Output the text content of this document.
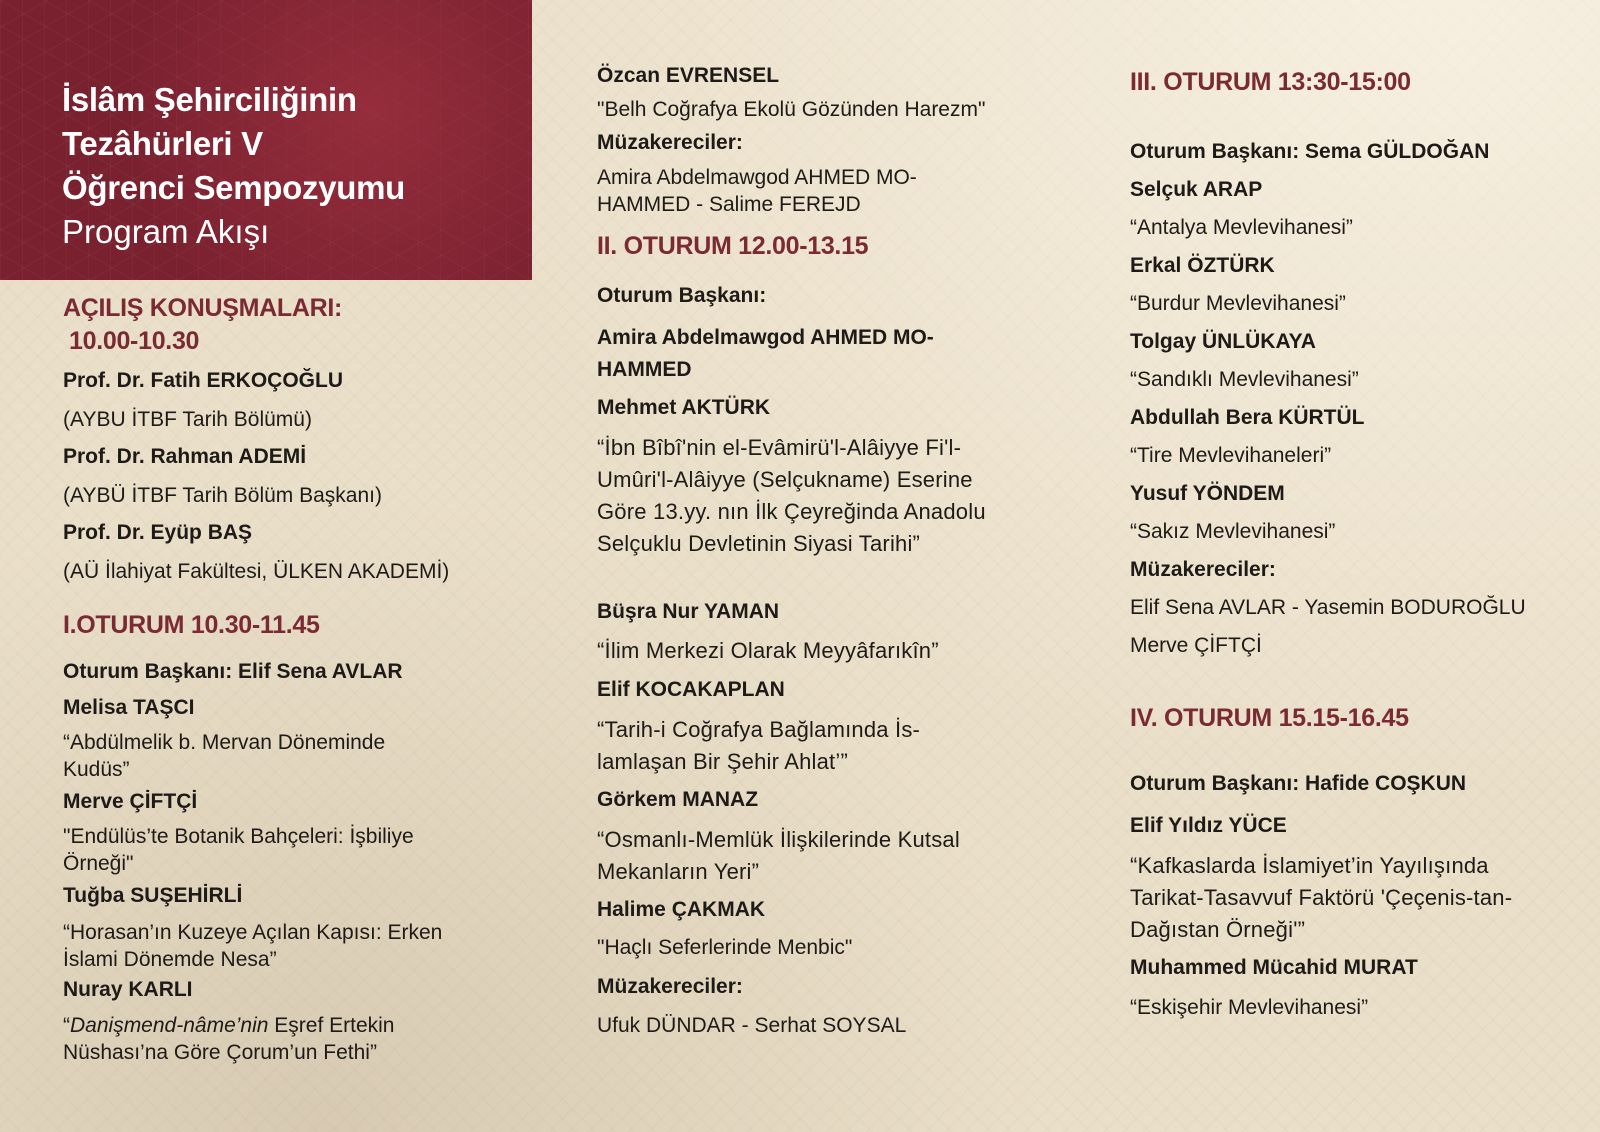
İslâm Şehirciliğinin
Tezâhürleri V
Öğrenci Sempozyumu
Program Akışı
AÇILIŞ KONUŞMALARI:
10.00-10.30
Prof. Dr. Fatih ERKOÇOĞLU
(AYBU İTBF Tarih Bölümü)
Prof. Dr. Rahman ADEMİ
(AYBÜ İTBF Tarih Bölüm Başkanı)
Prof. Dr. Eyüp BAŞ
(AÜ İlahiyat Fakültesi, ÜLKEN AKADEMİ)
I.OTURUM 10.30-11.45
Oturum Başkanı: Elif Sena AVLAR
Melisa TAŞCI
“Abdülmelik b. Mervan Döneminde Kudüs”
Merve ÇİFTÇİ
"Endülüs’te Botanik Bahçeleri: İşbiliye Örneği"
Tuğba SUŞEHİRLİ
“Horasan’ın Kuzeye Açılan Kapısı: Erken İslami Dönemde Nesa”
Nuray KARLI
“Danişmend-nâme’nin Eşref Ertekin Nüshası’na Göre Çorum’un Fethi”
Özcan EVRENSEL
"Belh Coğrafya Ekolü Gözünden Harezm"
Müzakereciler:
Amira Abdelmawgod AHMED MO-HAMMED - Salime FEREJD
II. OTURUM 12.00-13.15
Oturum Başkanı:
Amira Abdelmawgod AHMED MO-HAMMED
Mehmet AKTÜRK
“İbn Bîbî'nin el-Evâmirü'l-Alâiyye Fi'l-Umûri'l-Alâiyye (Selçukname) Eserine Göre 13.yy. nın İlk Çeyreğinda Anadolu Selçuklu Devletinin Siyasi Tarihi”
Büşra Nur YAMAN
“İlim Merkezi Olarak Meyyâfarıkîn”
Elif KOCAKAPLAN
“Tarih-i Coğrafya Bağlamında İs-lamlaşan Bir Şehir Ahlat’”
Görkem MANAZ
“Osmanlı-Memlük İlişkilerinde Kutsal Mekanların Yeri”
Halime ÇAKMAK
"Haçlı Seferlerinde Menbic"
Müzakereciler:
Ufuk DÜNDAR - Serhat SOYSAL
III. OTURUM 13:30-15:00
Oturum Başkanı: Sema GÜLDOĞAN
Selçuk ARAP
“Antalya Mevlevihanesi”
Erkal ÖZTÜRK
“Burdur Mevlevihanesi”
Tolgay ÜNLÜKAYA
“Sandıklı Mevlevihanesi”
Abdullah Bera KÜRTÜL
“Tire Mevlevihaneleri”
Yusuf YÖNDEM
“Sakız Mevlevihanesi”
Müzakereciler:
Elif Sena AVLAR - Yasemin BODUROĞLU
Merve ÇİFTÇİ
IV. OTURUM 15.15-16.45
Oturum Başkanı: Hafide COŞKUN
Elif Yıldız YÜCE
“Kafkaslarda İslamiyet’in Yayılışında Tarikat-Tasavvuf Faktörü 'Çeçenis-tan-Dağıstan Örneği'”
Muhammed Mücahid MURAT
“Eskişehir Mevlevihanesi”
